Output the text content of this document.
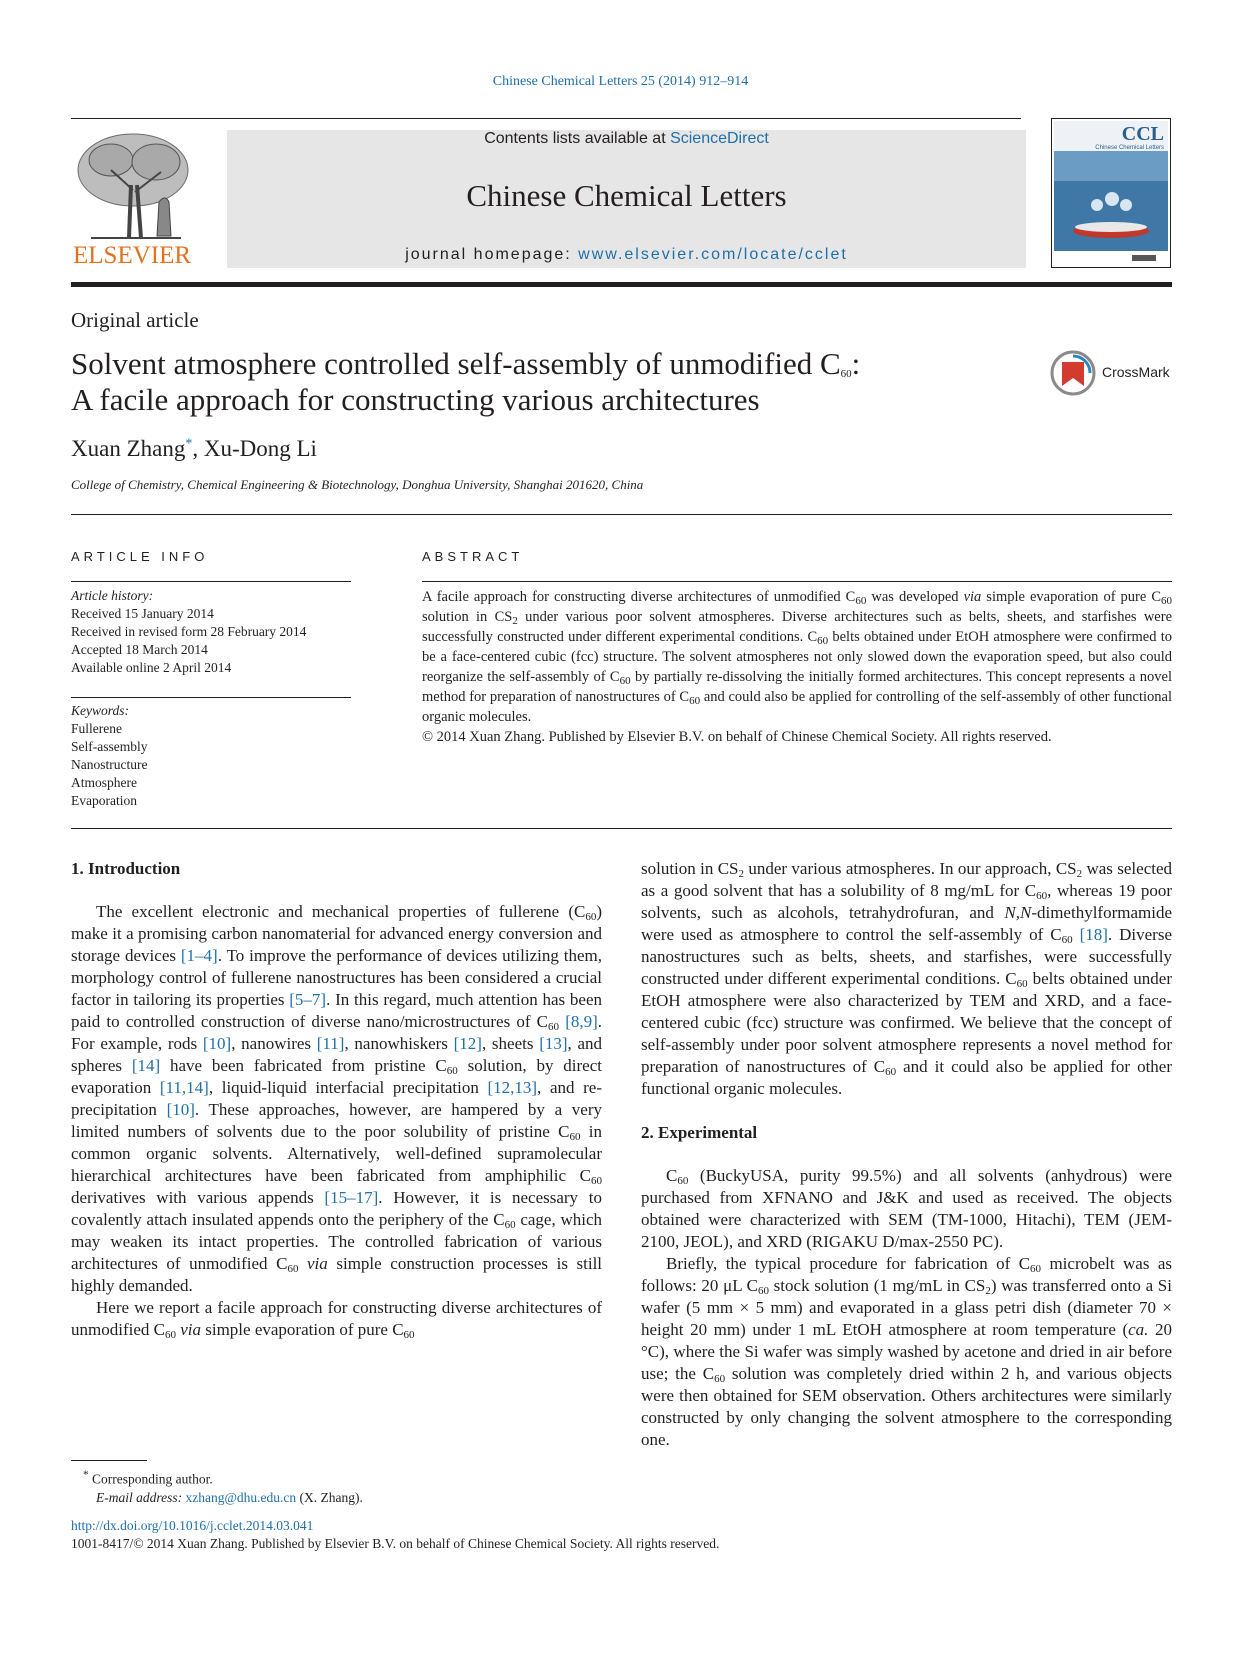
Chinese Chemical Letters 25 (2014) 912–914
ELSEVIER
Contents lists available at ScienceDirect
Chinese Chemical Letters
journal homepage: www.elsevier.com/locate/cclet
CCL
Chinese Chemical Letters
Original article
Solvent atmosphere controlled self-assembly of unmodified $C_{60}$:
A facile approach for constructing various architectures
CrossMark
Xuan Zhang*, Xu-Dong Li
College of Chemistry, Chemical Engineering & Biotechnology, Donghua University, Shanghai 201620, China
ARTICLE INFO
Article history:
Received 15 January 2014
Received in revised form 28 February 2014
Accepted 18 March 2014
Available online 2 April 2014
Keywords:
Fullerene
Self-assembly
Nanostructure
Atmosphere
Evaporation
ABSTRACT
A facile approach for constructing diverse architectures of unmodified $C_{60}$ was developed via simple evaporation of pure $C_{60}$ solution in $CS_2$ under various poor solvent atmospheres. Diverse architectures such as belts, sheets, and starfishes were successfully constructed under different experimental conditions. $C_{60}$ belts obtained under EtOH atmosphere were confirmed to be a face-centered cubic (fcc) structure. The solvent atmospheres not only slowed down the evaporation speed, but also could reorganize the self-assembly of $C_{60}$ by partially re-dissolving the initially formed architectures. This concept represents a novel method for preparation of nanostructures of $C_{60}$ and could also be applied for controlling of the self-assembly of other functional organic molecules.
© 2014 Xuan Zhang. Published by Elsevier B.V. on behalf of Chinese Chemical Society. All rights reserved.
1. Introduction

The excellent electronic and mechanical properties of fullerene $(C_{60})$ make it a promising carbon nanomaterial for advanced energy conversion and storage devices [1–4]. To improve the performance of devices utilizing them, morphology control of fullerene nanostructures has been considered a crucial factor in tailoring its properties [5–7]. In this regard, much attention has been paid to controlled construction of diverse nano/microstructures of $C_{60}$ [8,9]. For example, rods [10], nanowires [11], nanowhiskers [12], sheets [13], and spheres [14] have been fabricated from pristine $C_{60}$ solution, by direct evaporation [11,14], liquid-liquid interfacial precipitation [12,13], and re-precipitation [10]. These approaches, however, are hampered by a very limited numbers of solvents due to the poor solubility of pristine $C_{60}$ in common organic solvents. Alternatively, well-defined supramolecular hierarchical architectures have been fabricated from amphiphilic $C_{60}$ derivatives with various appends [15–17]. However, it is necessary to covalently attach insulated appends onto the periphery of the $C_{60}$ cage, which may weaken its intact properties. The controlled fabrication of various architectures of unmodified $C_{60}$ via simple construction processes is still highly demanded.

Here we report a facile approach for constructing diverse architectures of unmodified $C_{60}$ via simple evaporation of pure $C_{60}$

solution in $CS_2$ under various atmospheres. In our approach, $CS_2$ was selected as a good solvent that has a solubility of 8 mg/mL for $C_{60}$, whereas 19 poor solvents, such as alcohols, tetrahydrofuran, and N,N-dimethylformamide were used as atmosphere to control the self-assembly of $C_{60}$ [18]. Diverse nanostructures such as belts, sheets, and starfishes, were successfully constructed under different experimental conditions. $C_{60}$ belts obtained under EtOH atmosphere were also characterized by TEM and XRD, and a face-centered cubic (fcc) structure was confirmed. We believe that the concept of self-assembly under poor solvent atmosphere represents a novel method for preparation of nanostructures of $C_{60}$ and it could also be applied for other functional organic molecules.

2. Experimental

$C_{60}$ (BuckyUSA, purity 99.5%) and all solvents (anhydrous) were purchased from XFNANO and J&K and used as received. The objects obtained were characterized with SEM (TM-1000, Hitachi), TEM (JEM-2100, JEOL), and XRD (RIGAKU D/max-2550 PC).

Briefly, the typical procedure for fabrication of $C_{60}$ microbelt was as follows: 20 μL $C_{60}$ stock solution (1 mg/mL in $CS_2$) was transferred onto a Si wafer (5 mm × 5 mm) and evaporated in a glass petri dish (diameter 70 × height 20 mm) under 1 mL EtOH atmosphere at room temperature (ca. 20 °C), where the Si wafer was simply washed by acetone and dried in air before use; the $C_{60}$ solution was completely dried within 2 h, and various objects were then obtained for SEM observation. Others architectures were similarly constructed by only changing the solvent atmosphere to the corresponding one.

* Corresponding author.
E-mail address: xzhang@dhu.edu.cn (X. Zhang).
http://dx.doi.org/10.1016/j.cclet.2014.03.041
1001-8417/© 2014 Xuan Zhang. Published by Elsevier B.V. on behalf of Chinese Chemical Society. All rights reserved.
